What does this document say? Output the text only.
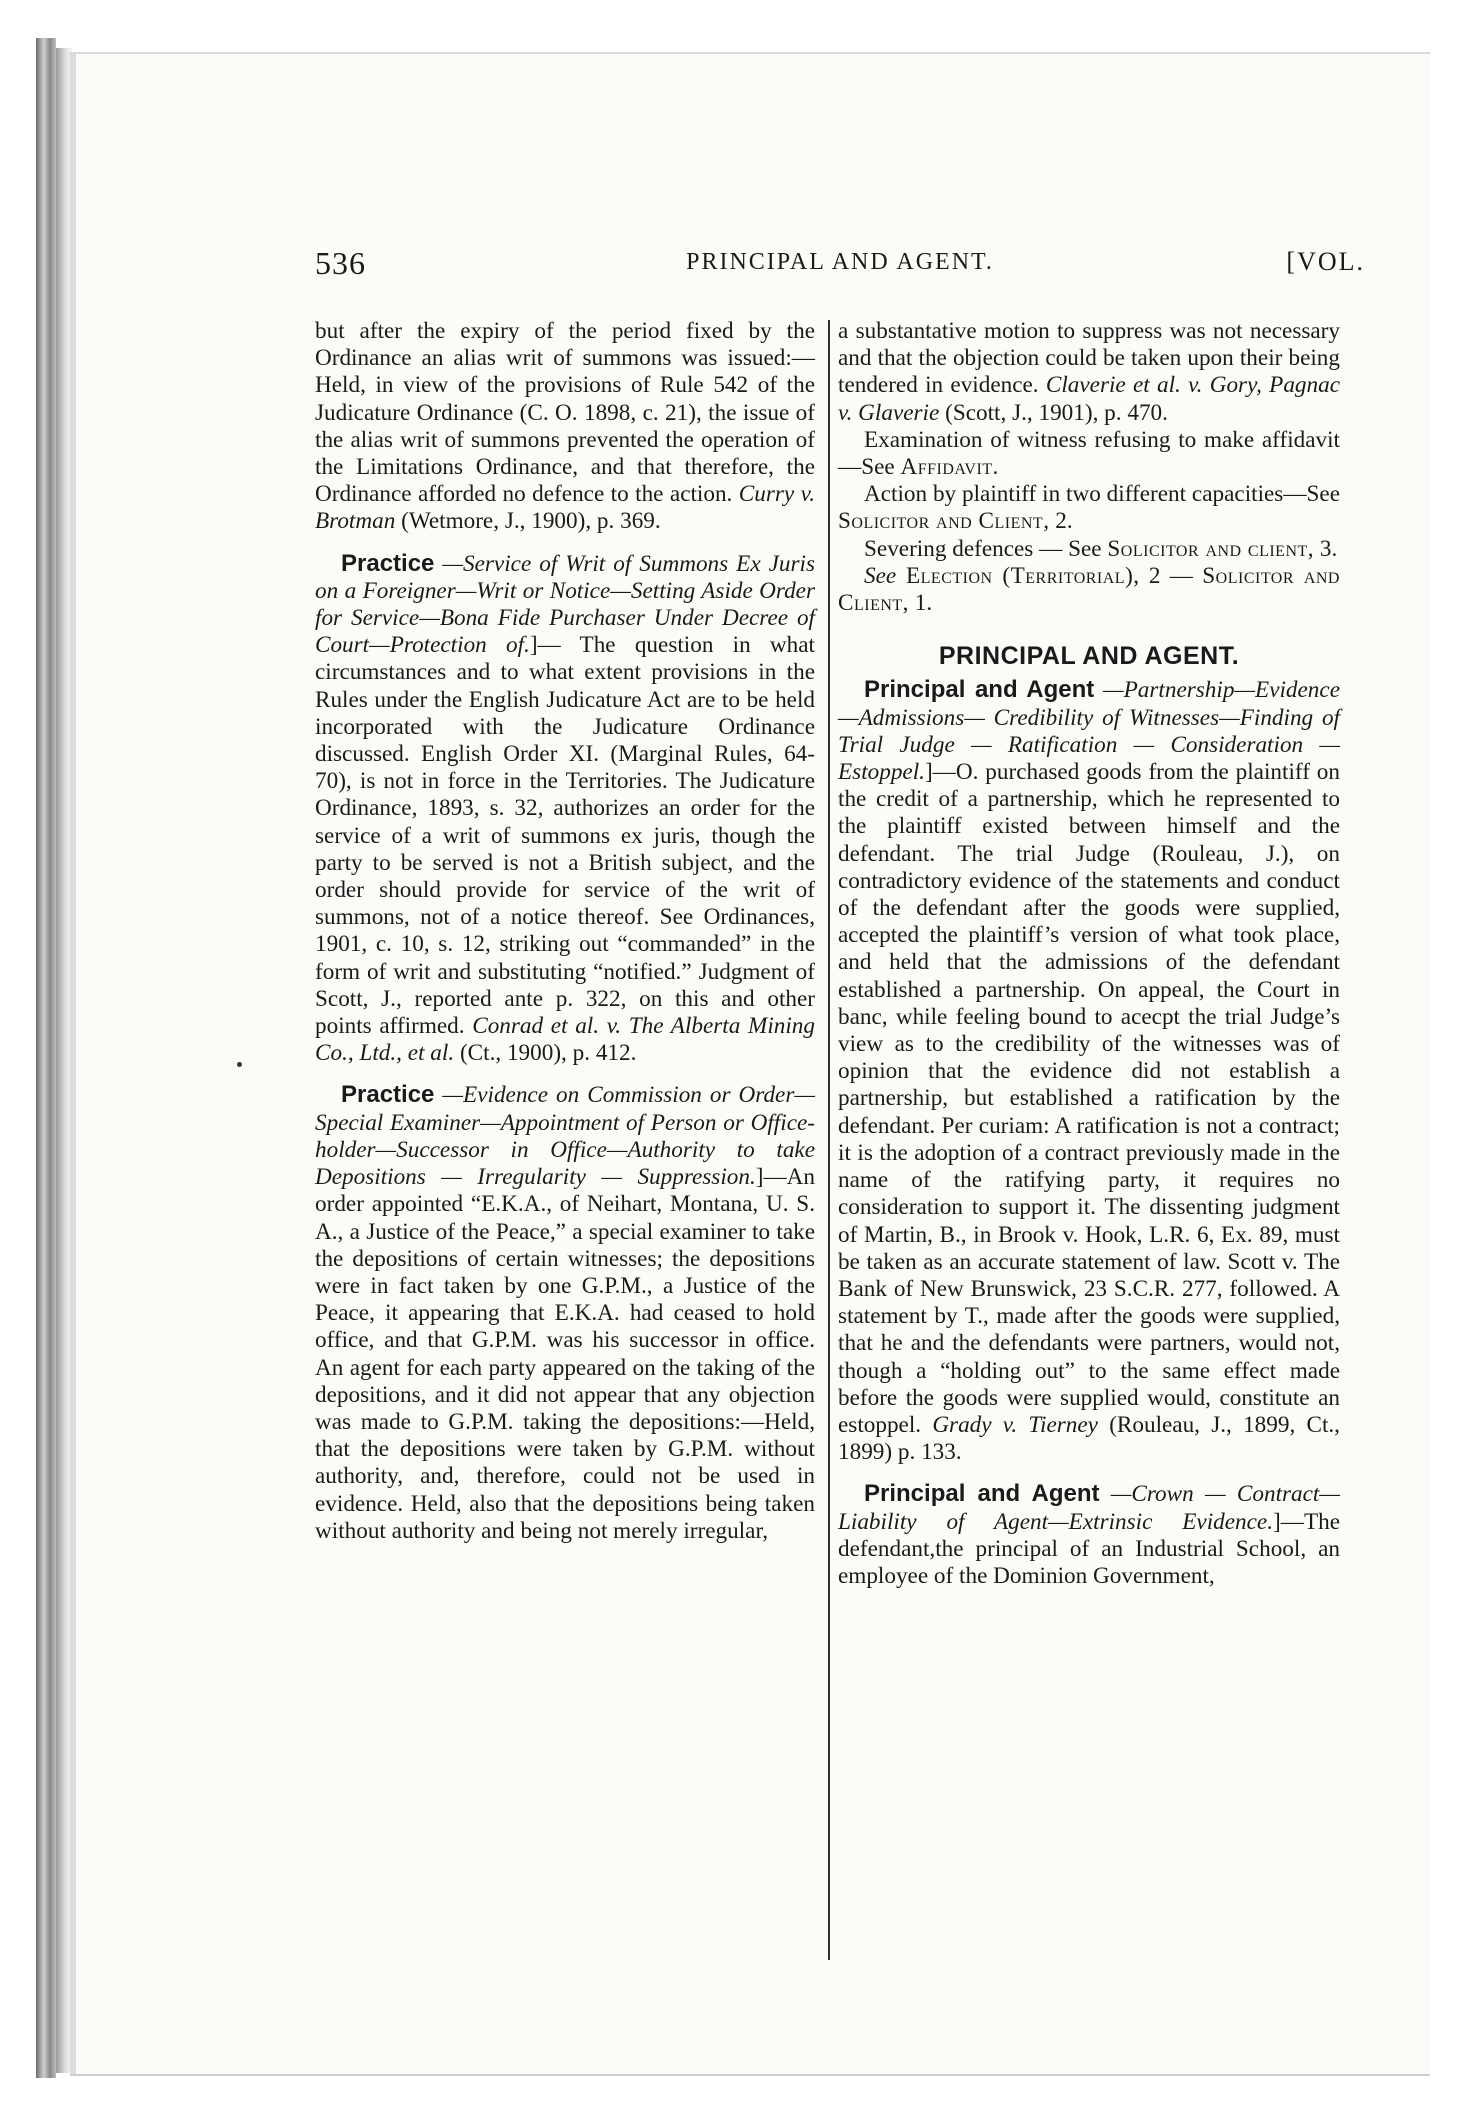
536	PRINCIPAL AND AGENT.	[VOL.

but after the expiry of the period fixed by the Ordinance an alias writ of summons was issued:—Held, in view of the provisions of Rule 542 of the Judicature Ordinance (C. O. 1898, c. 21), the issue of the alias writ of summons prevented the operation of the Limitations Ordinance, and that therefore, the Ordinance afforded no defence to the action. Curry v. Brotman (Wetmore, J., 1900), p. 369.

Practice —Service of Writ of Summons Ex Juris on a Foreigner—Writ or Notice—Setting Aside Order for Service—Bona Fide Purchaser Under Decree of Court—Protection of.]— The question in what circumstances and to what extent provisions in the Rules under the English Judicature Act are to be held incorporated with the Judicature Ordinance discussed. English Order XI. (Marginal Rules, 64-70), is not in force in the Territories. The Judicature Ordinance, 1893, s. 32, authorizes an order for the service of a writ of summons ex juris, though the party to be served is not a British subject, and the order should provide for service of the writ of summons, not of a notice thereof. See Ordinances, 1901, c. 10, s. 12, striking out “commanded” in the form of writ and substituting “notified.” Judgment of Scott, J., reported ante p. 322, on this and other points affirmed. Conrad et al. v. The Alberta Mining Co., Ltd., et al. (Ct., 1900), p. 412.

Practice —Evidence on Commission or Order—Special Examiner—Appointment of Person or Office-holder—Successor in Office—Authority to take Depositions — Irregularity — Suppression.]—An order appointed “E.K.A., of Neihart, Montana, U. S. A., a Justice of the Peace,” a special examiner to take the depositions of certain witnesses; the depositions were in fact taken by one G.P.M., a Justice of the Peace, it appearing that E.K.A. had ceased to hold office, and that G.P.M. was his successor in office. An agent for each party appeared on the taking of the depositions, and it did not appear that any objection was made to G.P.M. taking the depositions:—Held, that the depositions were taken by G.P.M. without authority, and, therefore, could not be used in evidence. Held, also that the depositions being taken without authority and being not merely irregular,

a substantative motion to suppress was not necessary and that the objection could be taken upon their being tendered in evidence. Claverie et al. v. Gory, Pagnac v. Glaverie (Scott, J., 1901), p. 470.

Examination of witness refusing to make affidavit—See Affidavit.

Action by plaintiff in two different capacities—See Solicitor and Client, 2.

Severing defences — See Solicitor and client, 3.

See Election (Territorial), 2 — Solicitor and Client, 1.

PRINCIPAL AND AGENT.

Principal and Agent —Partnership—Evidence —Admissions— Credibility of Witnesses—Finding of Trial Judge — Ratification — Consideration —Estoppel.]—O. purchased goods from the plaintiff on the credit of a partnership, which he represented to the plaintiff existed between himself and the defendant. The trial Judge (Rouleau, J.), on contradictory evidence of the statements and conduct of the defendant after the goods were supplied, accepted the plaintiff’s version of what took place, and held that the admissions of the defendant established a partnership. On appeal, the Court in banc, while feeling bound to acecpt the trial Judge’s view as to the credibility of the witnesses was of opinion that the evidence did not establish a partnership, but established a ratification by the defendant. Per curiam: A ratification is not a contract; it is the adoption of a contract previously made in the name of the ratifying party, it requires no consideration to support it. The dissenting judgment of Martin, B., in Brook v. Hook, L.R. 6, Ex. 89, must be taken as an accurate statement of law. Scott v. The Bank of New Brunswick, 23 S.C.R. 277, followed. A statement by T., made after the goods were supplied, that he and the defendants were partners, would not, though a “holding out” to the same effect made before the goods were supplied would, constitute an estoppel. Grady v. Tierney (Rouleau, J., 1899, Ct., 1899) p. 133.

Principal and Agent —Crown — Contract—Liability of Agent—Extrinsic Evidence.]—The defendant,the principal of an Industrial School, an employee of the Dominion Government,
